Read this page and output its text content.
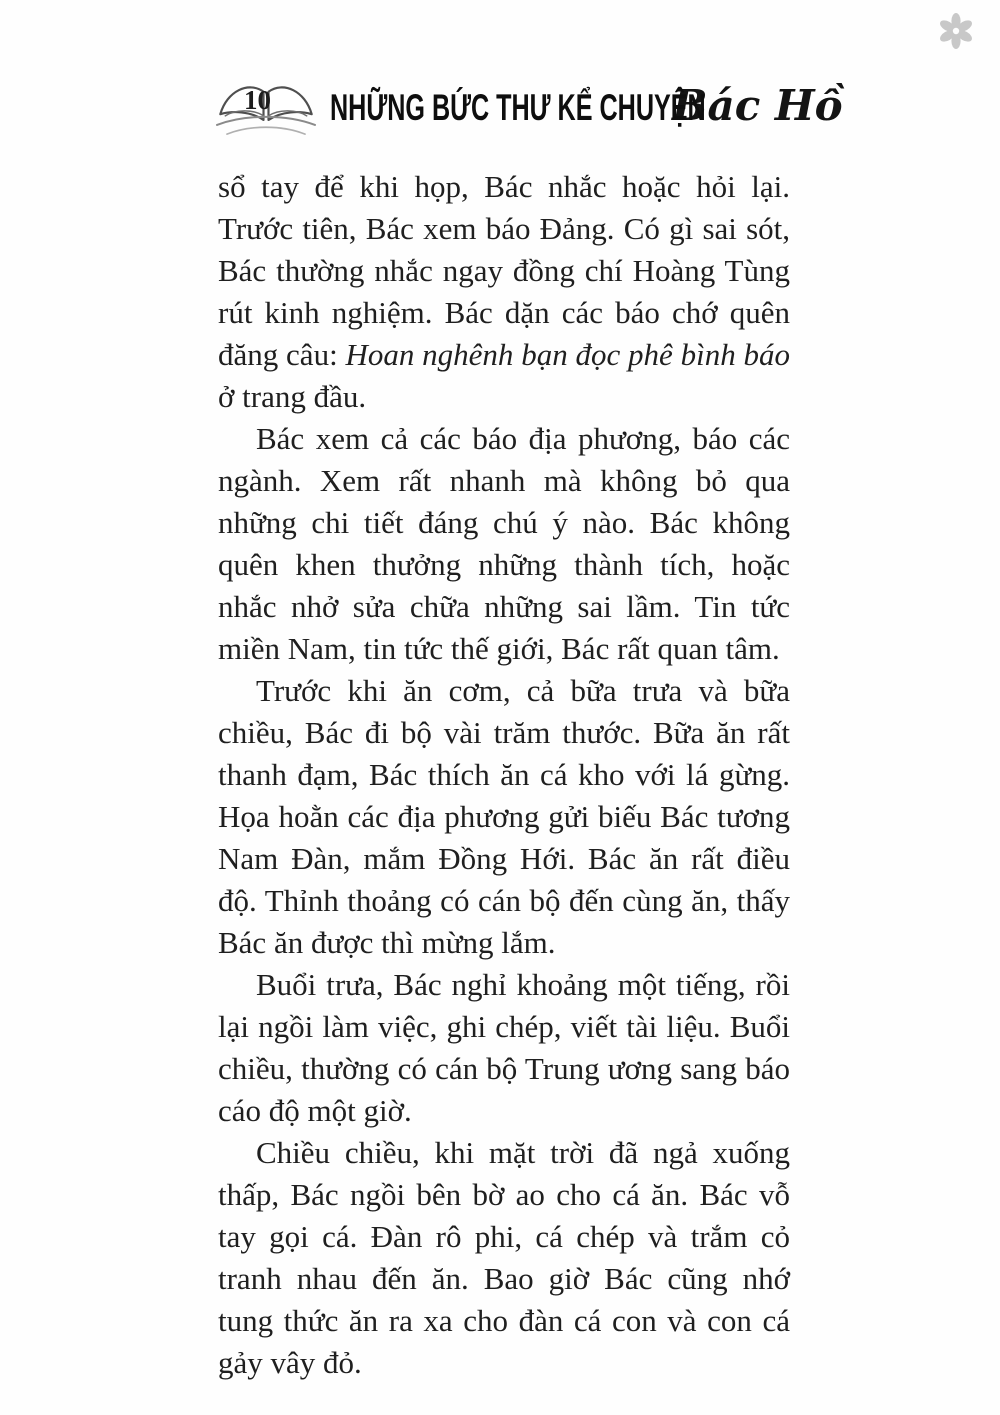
10 NHỮNG BỨC THƯ KỂ CHUYỆN
Bác Hồ

sổ tay để khi họp, Bác nhắc hoặc hỏi lại. Trước tiên, Bác xem báo Đảng. Có gì sai sót, Bác thường nhắc ngay đồng chí Hoàng Tùng rút kinh nghiệm. Bác dặn các báo chớ quên đăng câu: Hoan nghênh bạn đọc phê bình báo ở trang đầu.

Bác xem cả các báo địa phương, báo các ngành. Xem rất nhanh mà không bỏ qua những chi tiết đáng chú ý nào. Bác không quên khen thưởng những thành tích, hoặc nhắc nhở sửa chữa những sai lầm. Tin tức miền Nam, tin tức thế giới, Bác rất quan tâm.

Trước khi ăn cơm, cả bữa trưa và bữa chiều, Bác đi bộ vài trăm thước. Bữa ăn rất thanh đạm, Bác thích ăn cá kho với lá gừng. Họa hoằn các địa phương gửi biếu Bác tương Nam Đàn, mắm Đồng Hới. Bác ăn rất điều độ. Thỉnh thoảng có cán bộ đến cùng ăn, thấy Bác ăn được thì mừng lắm.

Buổi trưa, Bác nghỉ khoảng một tiếng, rồi lại ngồi làm việc, ghi chép, viết tài liệu. Buổi chiều, thường có cán bộ Trung ương sang báo cáo độ một giờ.

Chiều chiều, khi mặt trời đã ngả xuống thấp, Bác ngồi bên bờ ao cho cá ăn. Bác vỗ tay gọi cá. Đàn rô phi, cá chép và trắm cỏ tranh nhau đến ăn. Bao giờ Bác cũng nhớ tung thức ăn ra xa cho đàn cá con và con cá gảy vây đỏ.
